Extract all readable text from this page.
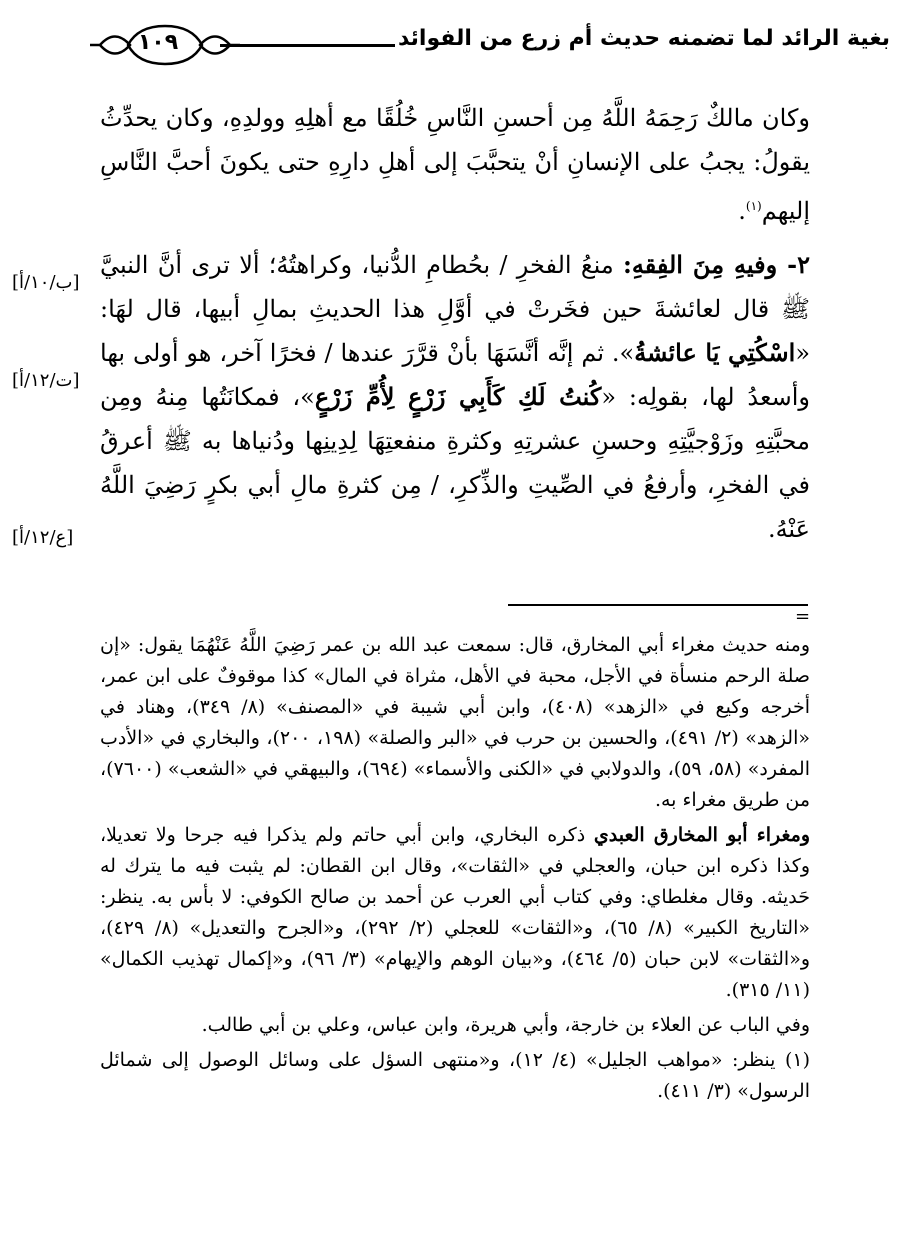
بغية الرائد لما تضمنه حديث أم زرع من الفوائد
١٠٩

وكان مالكٌ رَحِمَهُ اللَّهُ مِن أحسنِ النَّاسِ خُلُقًا مع أهلِهِ وولدِهِ، وكان يحدِّثُ يقولُ: يجبُ على الإنسانِ أنْ يتحبَّبَ إلى أهلِ دارِهِ حتى يكونَ أحبَّ النَّاسِ إليهم$^{(١)}$.

٢- وفيهِ مِنَ الفِقهِ: منعُ الفخرِ / بحُطامِ الدُّنيا، وكراهتُهُ؛ ألا ترى أنَّ النبيَّ ﷺ قال لعائشةَ حين فخَرتْ في أوَّلِ هذا الحديثِ بمالِ أبيها، قال لهَا: «اسْكُتِي يَا عائشةُ». ثم إنَّه أنَّسَهَا بأنْ قرَّرَ عندها / فخرًا آخر، هو أولى بها وأسعدُ لها، بقولِه: «كُنتُ لَكِ كَأَبِي زَرْعٍ لِأُمِّ زَرْعٍ»، فمكانَتُها مِنهُ ومِن محبَّتِهِ وزَوْجيَّتِهِ وحسنِ عشرتِهِ وكثرةِ منفعتِهَا لِدِينِها ودُنياها به ﷺ أعرقُ في الفخرِ، وأرفعُ في الصِّيتِ والذِّكرِ، / مِن كثرةِ مالِ أبي بكرٍ رَضِيَ اللَّهُ عَنْهُ.

[ب/١٠/أ]
[ت/١٢/أ]
[ع/١٢/أ]
=

ومنه حديث مغراء أبي المخارق، قال: سمعت عبد الله بن عمر رَضِيَ اللَّهُ عَنْهُمَا يقول: «إن صلة الرحم منسأة في الأجل، محبة في الأهل، مثراة في المال» كذا موقوفٌ على ابن عمر، أخرجه وكيع في «الزهد» (٤٠٨)، وابن أبي شيبة في «المصنف» (٨/ ٣٤٩)، وهناد في «الزهد» (٢/ ٤٩١)، والحسين بن حرب في «البر والصلة» (١٩٨، ٢٠٠)، والبخاري في «الأدب المفرد» (٥٨، ٥٩)، والدولابي في «الكنى والأسماء» (٦٩٤)، والبيهقي في «الشعب» (٧٦٠٠)، من طريق مغراء به.

ومغراء أبو المخارق العبدي ذكره البخاري، وابن أبي حاتم ولم يذكرا فيه جرحا ولا تعديلا، وكذا ذكره ابن حبان، والعجلي في «الثقات»، وقال ابن القطان: لم يثبت فيه ما يترك له حَديثه. وقال مغلطاي: وفي كتاب أبي العرب عن أحمد بن صالح الكوفي: لا بأس به. ينظر: «التاريخ الكبير» (٨/ ٦٥)، و«الثقات» للعجلي (٢/ ٢٩٢)، و«الجرح والتعديل» (٨/ ٤٢٩)، و«الثقات» لابن حبان (٥/ ٤٦٤)، و«بيان الوهم والإيهام» (٣/ ٩٦)، و«إكمال تهذيب الكمال» (١١/ ٣١٥).

وفي الباب عن العلاء بن خارجة، وأبي هريرة، وابن عباس، وعلي بن أبي طالب.

(١) ينظر: «مواهب الجليل» (٤/ ١٢)، و«منتهى السؤل على وسائل الوصول إلى شمائل الرسول» (٣/ ٤١١).
